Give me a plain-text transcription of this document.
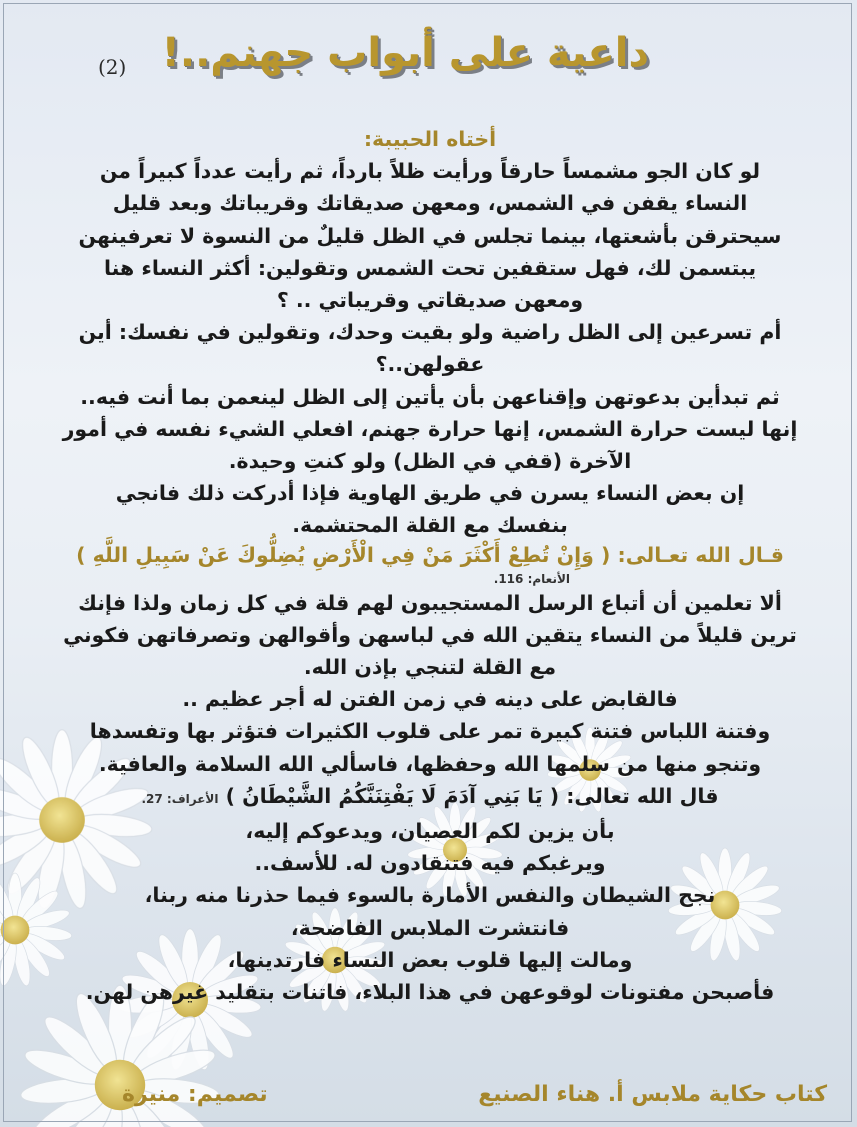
داعية على أبواب جهنم..!
(2)

أختاه الحبيبة:

لو كان الجو مشمساً حارقاً ورأيت ظلاً بارداً، ثم رأيت عدداً كبيراً من

النساء يقفن في الشمس، ومعهن صديقاتك وقريباتك وبعد قليل

سيحترقن بأشعتها، بينما تجلس في الظل قليلٌ من النسوة لا تعرفينهن

يبتسمن لك، فهل ستقفين تحت الشمس وتقولين: أكثر النساء هنا

ومعهن صديقاتي وقريباتي .. ؟

أم تسرعين إلى الظل راضية ولو بقيت وحدك، وتقولين في نفسك: أين

عقولهن..؟

ثم تبدأين بدعوتهن وإقناعهن بأن يأتين إلى الظل لينعمن بما أنت فيه..

إنها ليست حرارة الشمس، إنها حرارة جهنم، افعلي الشيء نفسه في أمور

الآخرة (قفي في الظل) ولو كنتِ وحيدة.

إن بعض النساء يسرن في طريق الهاوية فإذا أدركت ذلك فانجي

بنفسك مع القلة المحتشمة.

قـال الله تعـالى: ( وَإِنْ تُطِعْ أَكْثَرَ مَنْ فِي الْأَرْضِ يُضِلُّوكَ عَنْ سَبِيلِ اللَّهِ )

الأنعام: 116.

ألا تعلمين أن أتباع الرسل المستجيبون لهم قلة في كل زمان ولذا فإنك

ترين قليلاً من النساء يتقين الله في لباسهن وأقوالهن وتصرفاتهن فكوني

مع القلة لتنجي بإذن الله.

فالقابض على دينه في زمن الفتن له أجر عظيم ..

وفتنة اللباس فتنة كبيرة تمر على قلوب الكثيرات فتؤثر بها وتفسدها

وتنجو منها من سلمها الله وحفظها، فاسألي الله السلامة والعافية.

قال الله تعالى: ( يَا بَنِي آدَمَ لَا يَفْتِنَنَّكُمُ الشَّيْطَانُ ) الأعراف: 27.

بأن يزين لكم العصيان، ويدعوكم إليه،

ويرغبكم فيه فتنقادون له. للأسف..

نجح الشيطان والنفس الأمارة بالسوء فيما حذرنا منه ربنا،

فانتشرت الملابس الفاضحة،

ومالت إليها قلوب بعض النساء فارتدينها،

فأصبحن مفتونات لوقوعهن في هذا البلاء، فاتنات بتقليد غيرهن لهن.

كتاب حكاية ملابس أ. هناء الصنيع
تصميم: منيرة
